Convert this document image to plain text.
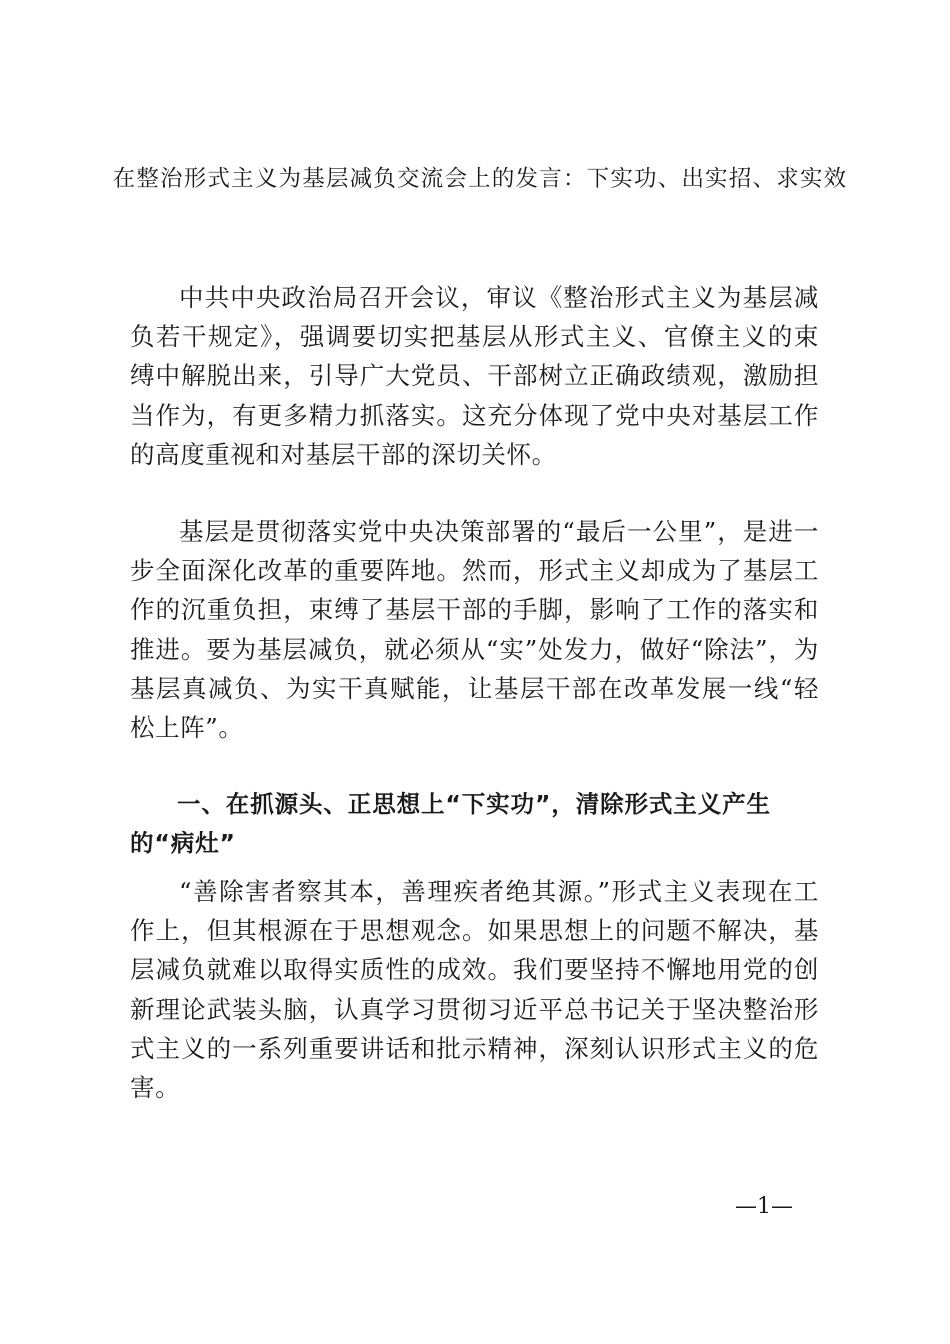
在整治形式主义为基层减负交流会上的发言：下实功、出实招、求实效

中共中央政治局召开会议，审议《整治形式主义为基层减负若干规定》，强调要切实把基层从形式主义、官僚主义的束缚中解脱出来，引导广大党员、干部树立正确政绩观，激励担当作为，有更多精力抓落实。这充分体现了党中央对基层工作的高度重视和对基层干部的深切关怀。

基层是贯彻落实党中央决策部署的“最后一公里”，是进一步全面深化改革的重要阵地。然而，形式主义却成为了基层工作的沉重负担，束缚了基层干部的手脚，影响了工作的落实和推进。要为基层减负，就必须从“实”处发力，做好“除法”，为基层真减负、为实干真赋能，让基层干部在改革发展一线“轻松上阵”。

一、在抓源头、正思想上“下实功”，清除形式主义产生的“病灶”

“善除害者察其本，善理疾者绝其源。”形式主义表现在工作上，但其根源在于思想观念。如果思想上的问题不解决，基层减负就难以取得实质性的成效。我们要坚持不懈地用党的创新理论武装头脑，认真学习贯彻习近平总书记关于坚决整治形式主义的一系列重要讲话和批示精神，深刻认识形式主义的危害。

—1—
